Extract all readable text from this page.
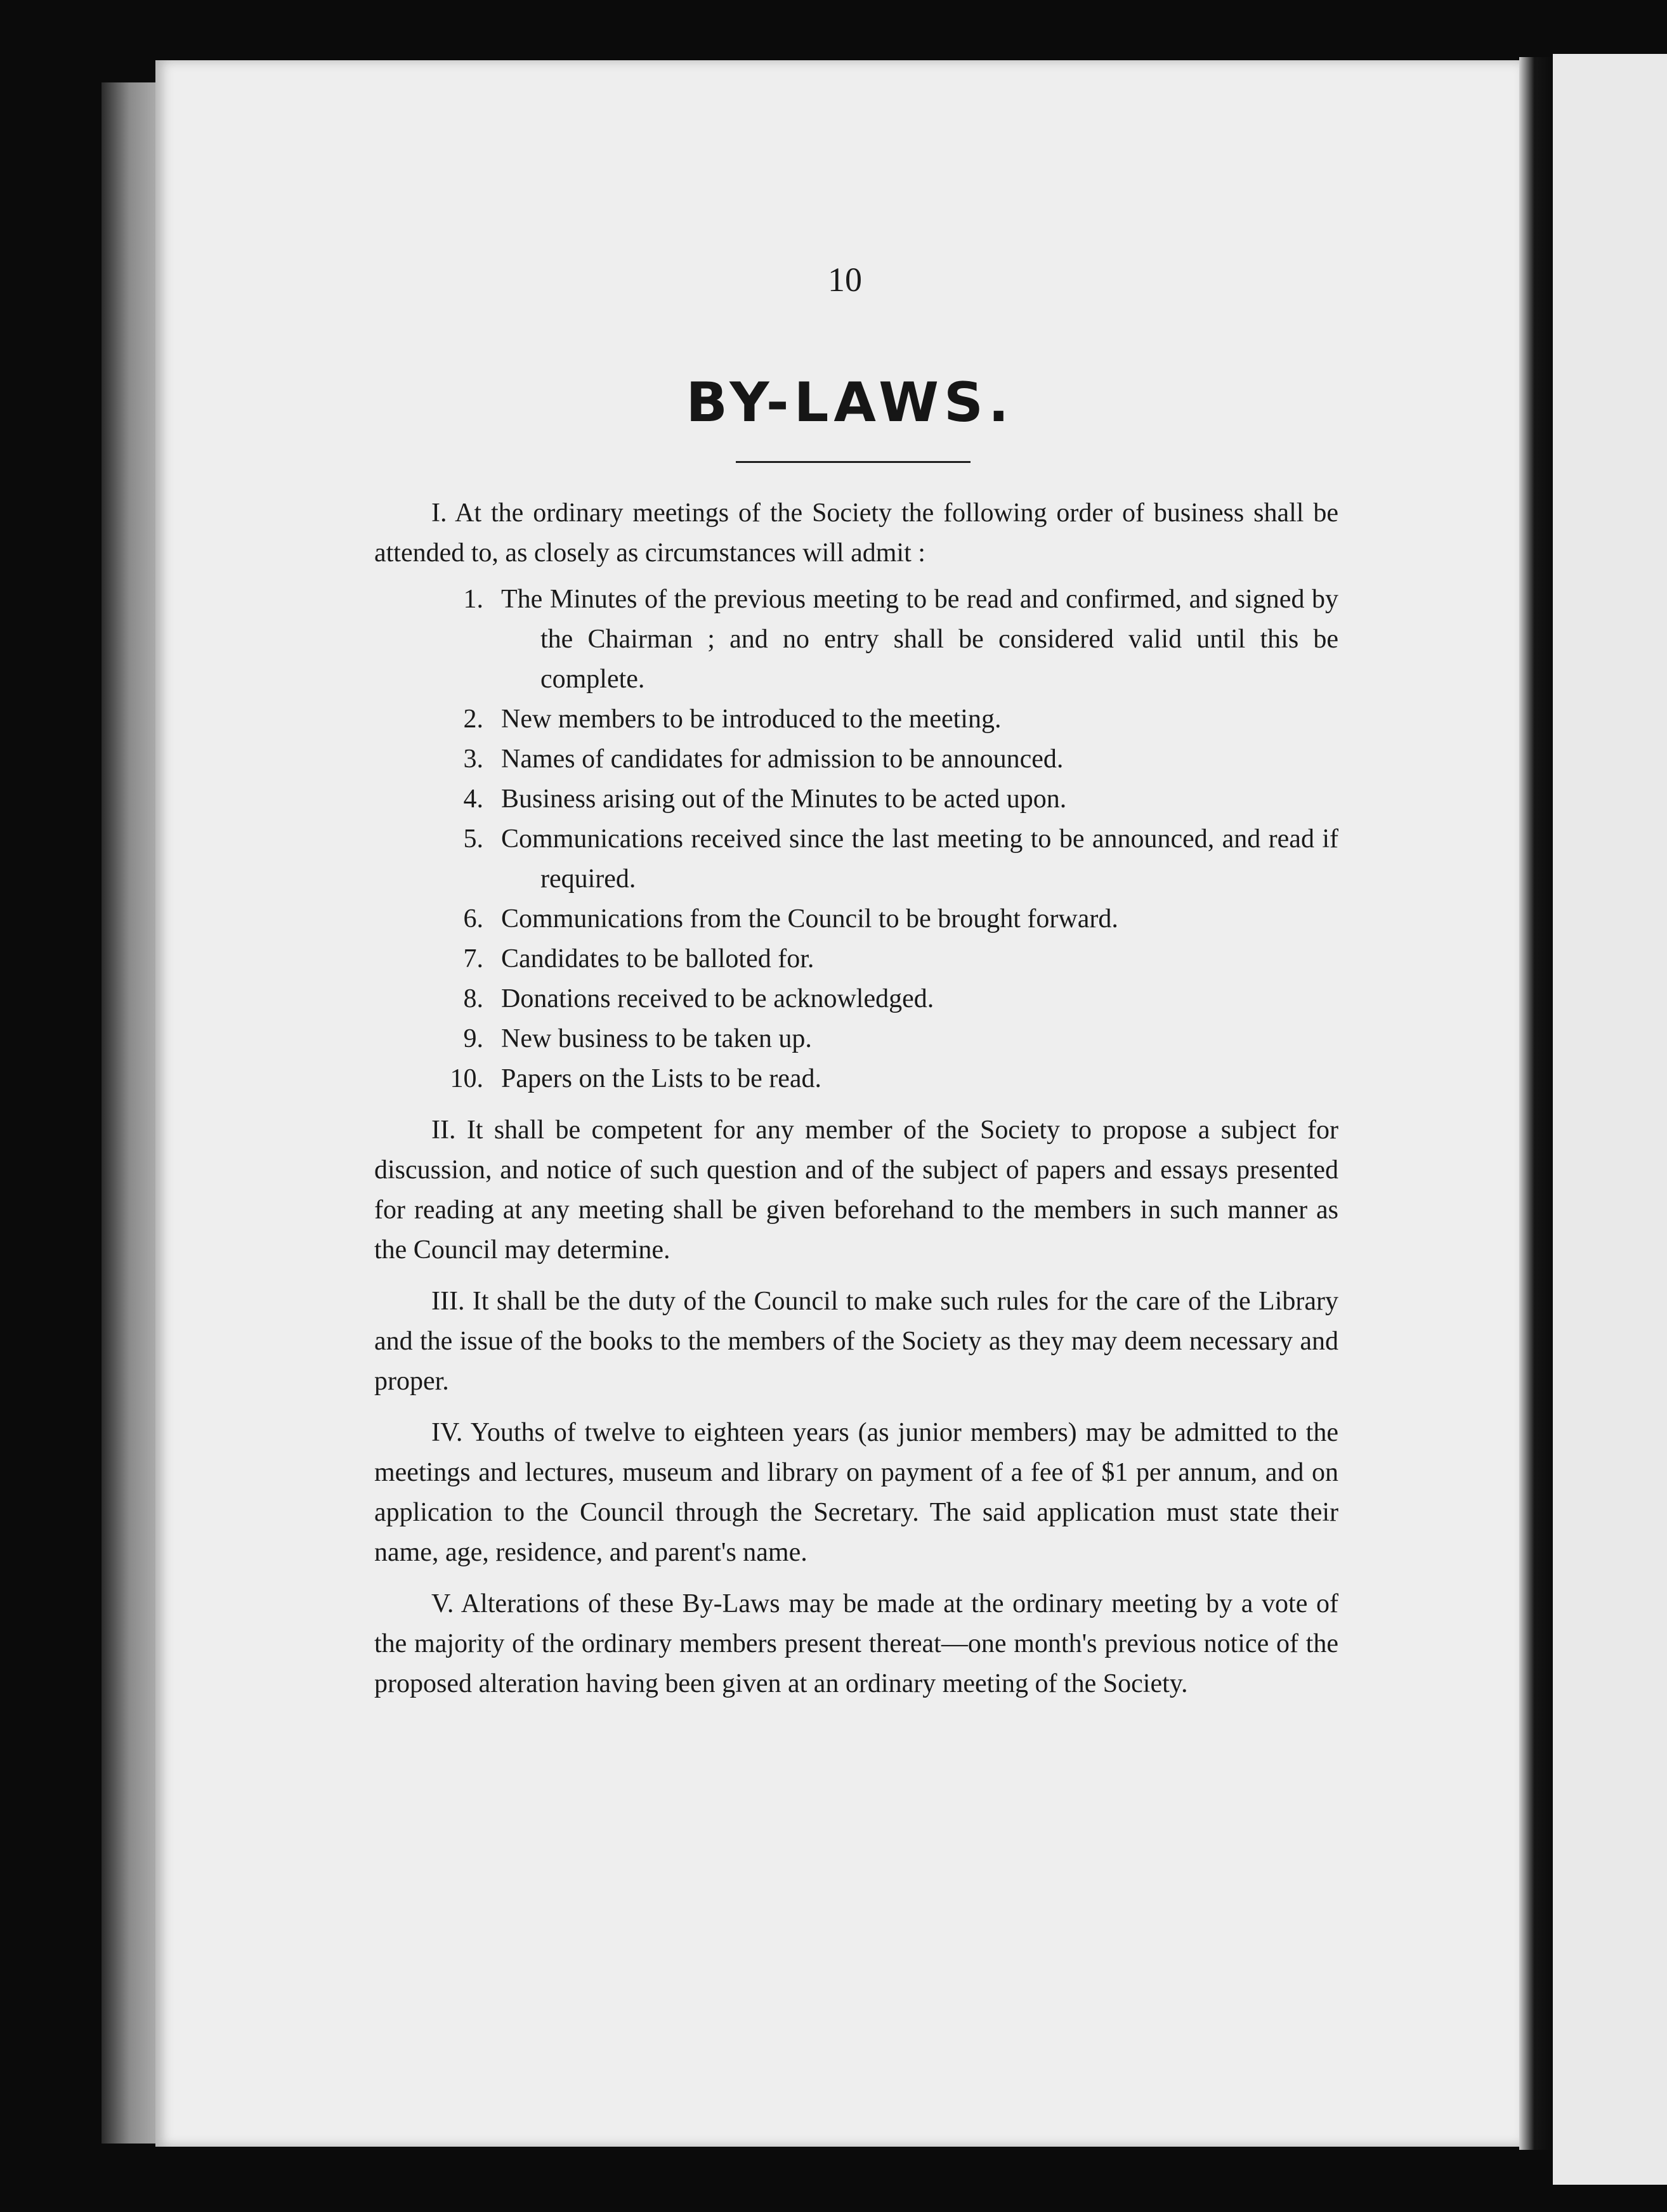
10
BY-LAWS.

I. At the ordinary meetings of the Society the following order of business shall be attended to, as closely as circumstances will admit :

1. The Minutes of the previous meeting to be read and confirmed, and signed by the Chairman ; and no entry shall be considered valid until this be complete.
2. New members to be introduced to the meeting.
3. Names of candidates for admission to be announced.
4. Business arising out of the Minutes to be acted upon.
5. Communications received since the last meeting to be announced, and read if required.
6. Communications from the Council to be brought forward.
7. Candidates to be balloted for.
8. Donations received to be acknowledged.
9. New business to be taken up.
10. Papers on the Lists to be read.

II. It shall be competent for any member of the Society to propose a subject for discussion, and notice of such question and of the subject of papers and essays presented for reading at any meeting shall be given beforehand to the members in such manner as the Council may determine.

III. It shall be the duty of the Council to make such rules for the care of the Library and the issue of the books to the members of the Society as they may deem necessary and proper.

IV. Youths of twelve to eighteen years (as junior members) may be admitted to the meetings and lectures, museum and library on payment of a fee of $1 per annum, and on application to the Council through the Secretary. The said application must state their name, age, residence, and parent's name.

V. Alterations of these By-Laws may be made at the ordinary meeting by a vote of the majority of the ordinary members present thereat—one month's previous notice of the proposed alteration having been given at an ordinary meeting of the Society.
